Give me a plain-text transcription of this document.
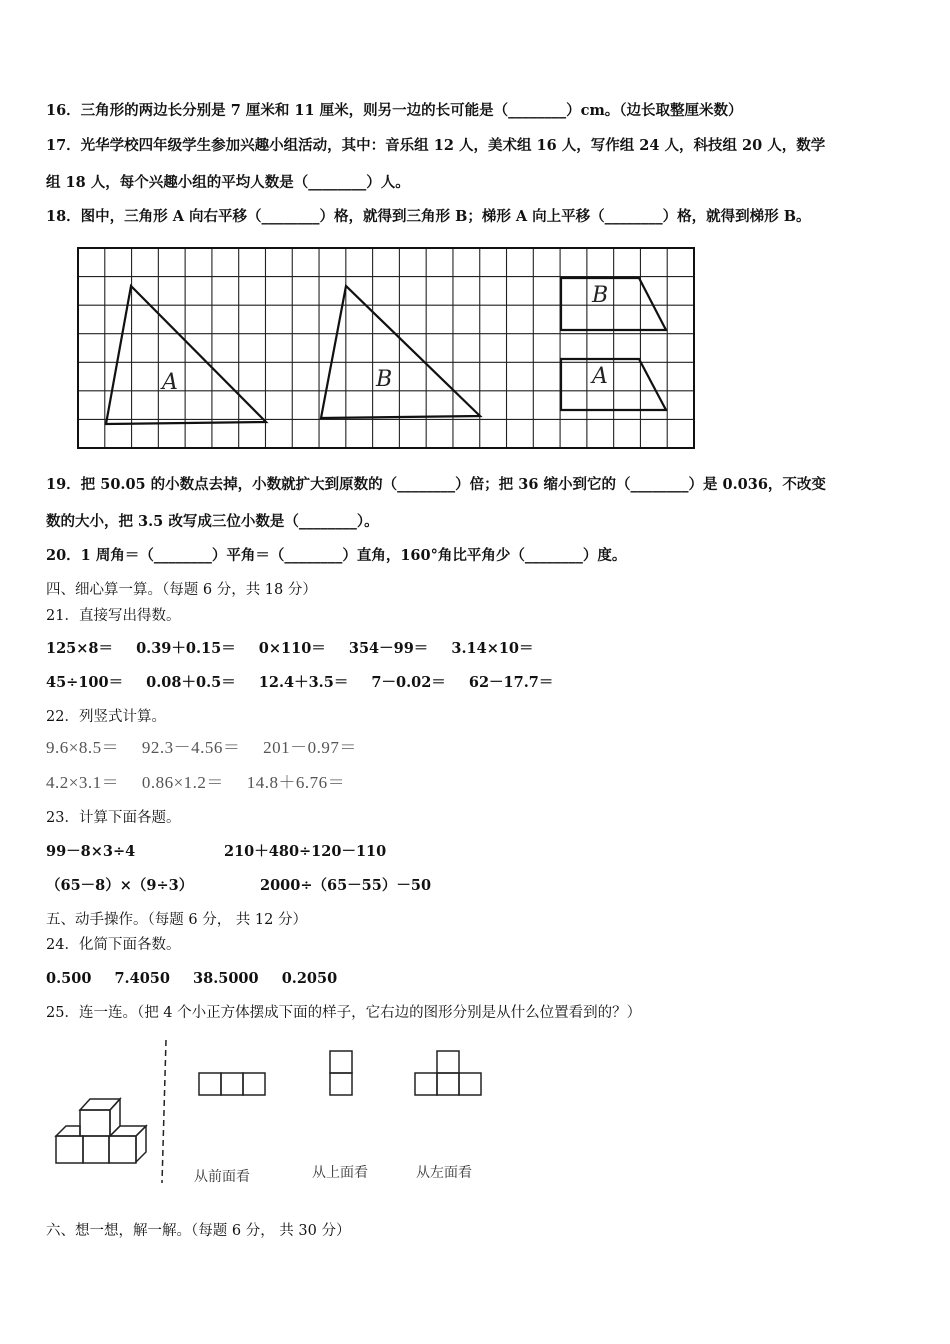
16．三角形的两边长分别是 7 厘米和 11 厘米，则另一边的长可能是（________）cm。（边长取整厘米数）
17．光华学校四年级学生参加兴趣小组活动，其中：音乐组 12 人，美术组 16 人，写作组 24 人，科技组 20 人，数学
组 18 人，每个兴趣小组的平均人数是（________）人。
18．图中，三角形 A 向右平移（________）格，就得到三角形 B；梯形 A 向上平移（________）格，就得到梯形 B。
A	B
B
A
19．把 50.05 的小数点去掉，小数就扩大到原数的（________）倍；把 36 缩小到它的（________）是 0.036，不改变
数的大小，把 3.5 改写成三位小数是（________）。
20．1 周角＝（________）平角＝（________）直角，160°角比平角少（________）度。
四、细心算一算。（每题 6 分，共 18 分）
21．直接写出得数。
125×8＝ 0.39＋0.15＝ 0×110＝ 354－99＝ 3.14×10＝
45÷100＝ 0.08＋0.5＝ 12.4＋3.5＝ 7－0.02＝ 62－17.7＝
22．列竖式计算。
9.6×8.5＝ 92.3－4.56＝ 201－0.97＝
4.2×3.1＝ 0.86×1.2＝ 14.8＋6.76＝
23．计算下面各题。
99－8×3÷4	210＋480÷120－110
（65－8）×（9÷3）	2000÷（65－55）－50
五、动手操作。（每题 6 分， 共 12 分）
24．化简下面各数。
0.500 7.4050 38.5000 0.2050
25．连一连。（把 4 个小正方体摆成下面的样子，它右边的图形分别是从什么位置看到的？）
从前面看	从上面看	从左面看
六、想一想，解一解。（每题 6 分， 共 30 分）
